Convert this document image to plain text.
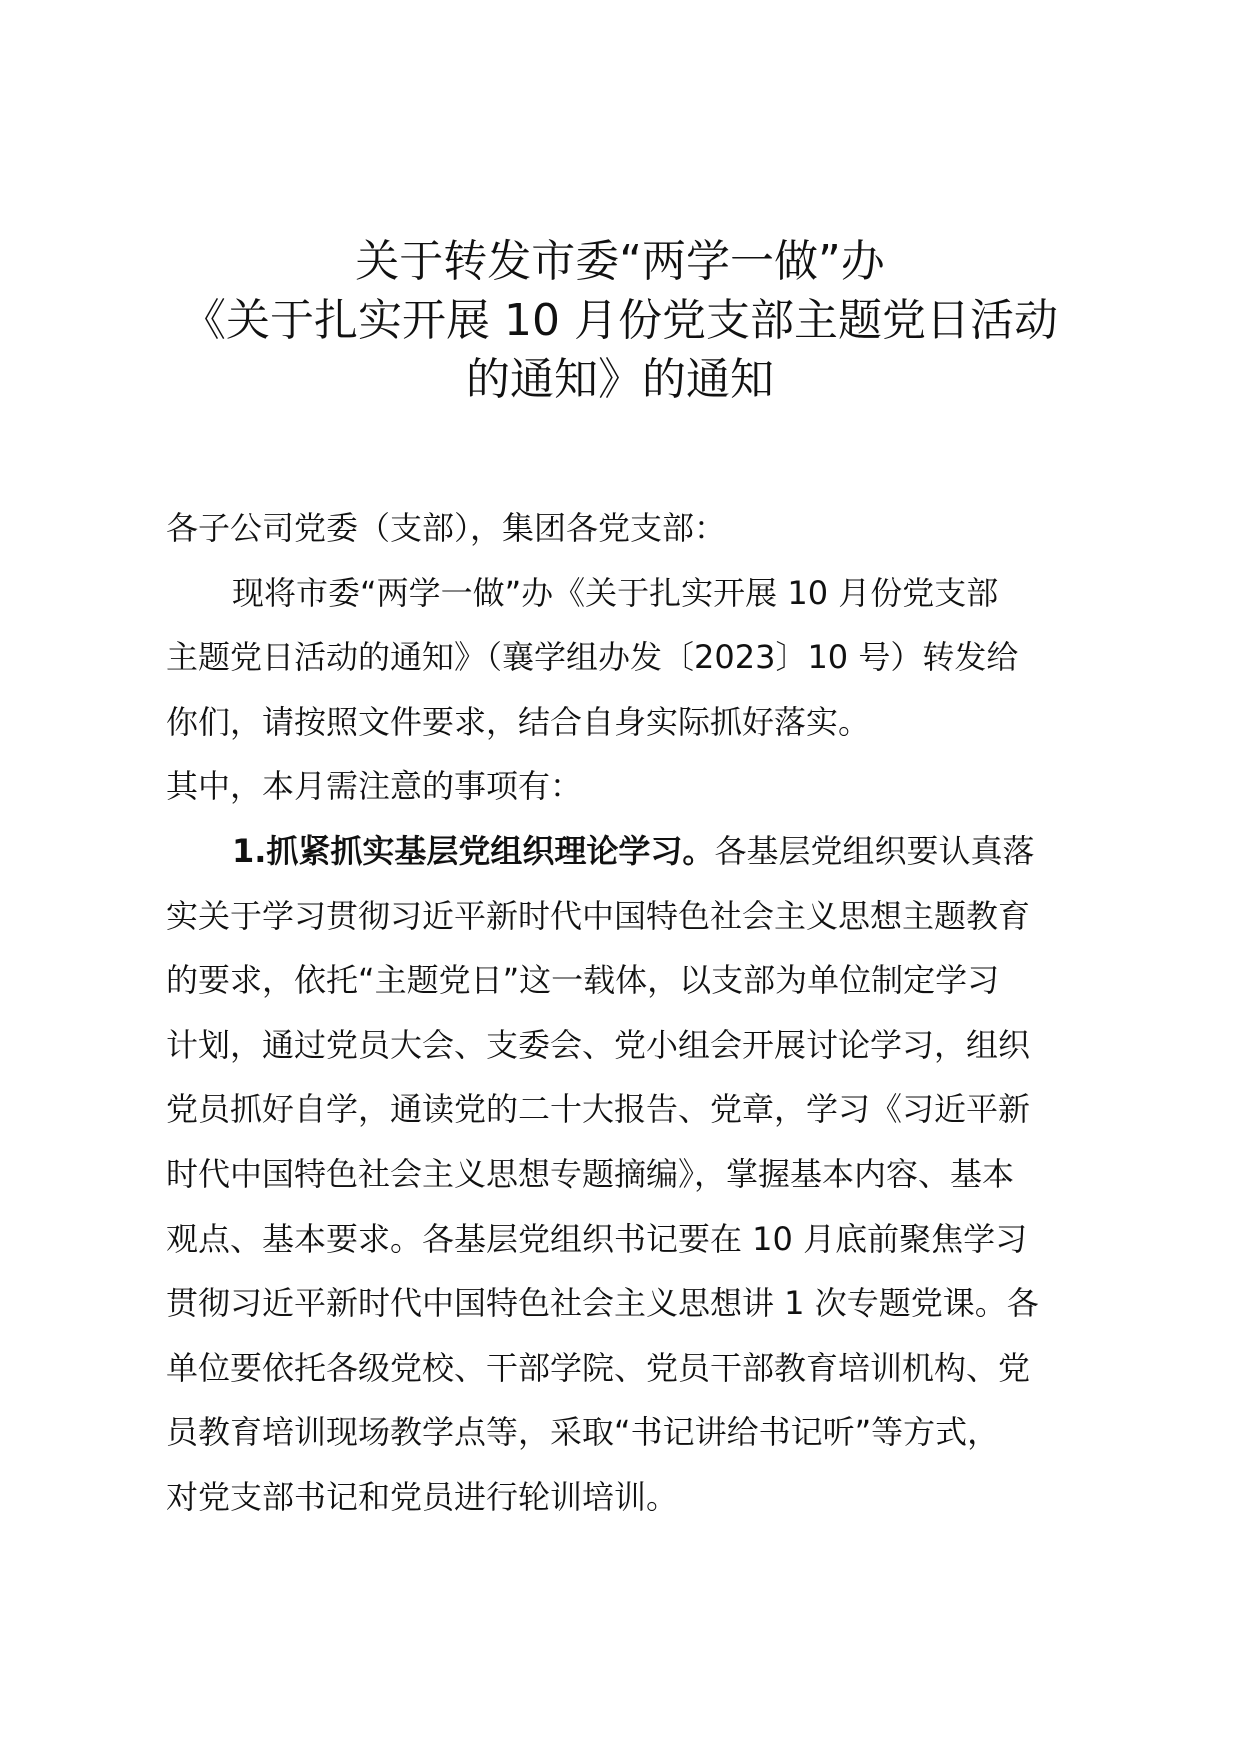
关于转发市委“两学一做”办
《关于扎实开展 10 月份党支部主题党日活动
的通知》的通知
各子公司党委（支部），集团各党支部：
现将市委“两学一做”办《关于扎实开展 10 月份党支部
主题党日活动的通知》（襄学组办发〔2023〕10 号）转发给
你们，请按照文件要求，结合自身实际抓好落实。
其中，本月需注意的事项有：
1.抓紧抓实基层党组织理论学习。各基层党组织要认真落
实关于学习贯彻习近平新时代中国特色社会主义思想主题教育
的要求，依托“主题党日”这一载体，以支部为单位制定学习
计划，通过党员大会、支委会、党小组会开展讨论学习，组织
党员抓好自学，通读党的二十大报告、党章，学习《习近平新
时代中国特色社会主义思想专题摘编》，掌握基本内容、基本
观点、基本要求。各基层党组织书记要在 10 月底前聚焦学习
贯彻习近平新时代中国特色社会主义思想讲 1 次专题党课。各
单位要依托各级党校、干部学院、党员干部教育培训机构、党
员教育培训现场教学点等，采取“书记讲给书记听”等方式，
对党支部书记和党员进行轮训培训。
